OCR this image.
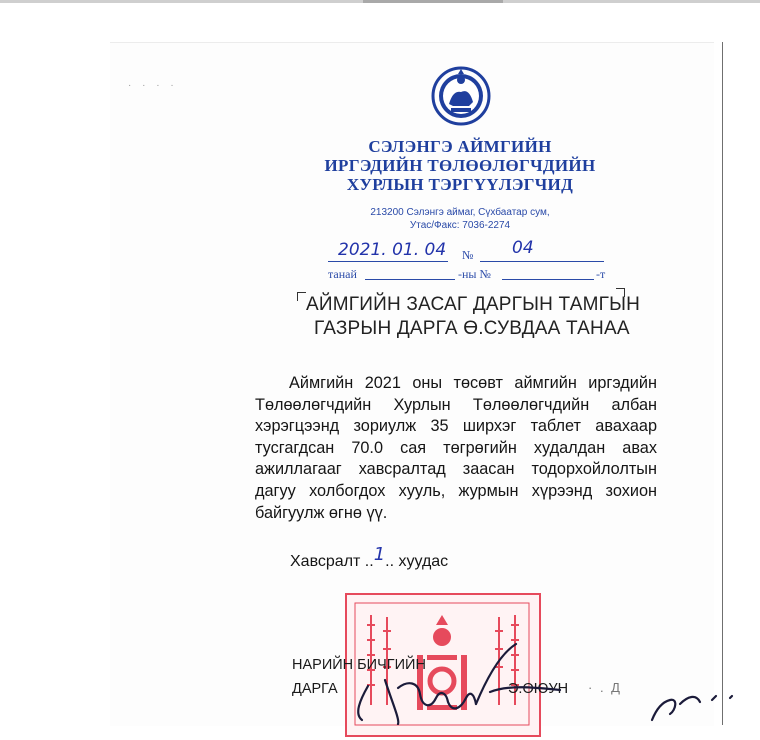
· · · ·
СЭЛЭНГЭ АЙМГИЙН
ИРГЭДИЙН ТӨЛӨӨЛӨГЧДИЙН
ХУРЛЫН ТЭРГҮҮЛЭГЧИД
213200 Сэлэнгэ аймаг, Сүхбаатар сум,
Утас/Факс: 7036-2274
2021. 01. 04 № 04
танай	-ны №	-т
АЙМГИЙН ЗАСАГ ДАРГЫН ТАМГЫН
ГАЗРЫН ДАРГА Ө.СУВДАА ТАНАА

Аймгийн 2021 оны төсөвт аймгийн иргэдийн Төлөөлөгчдийн Хурлын Төлөөлөгчдийн албан хэрэгцээнд зориулж 35 ширхэг таблет авахаар тусгагдсан 70.0 сая төгрөгийн худалдан авах ажиллагааг хавсралтад заасан тодорхойлолтын дагуу холбогдох хууль, журмын хүрээнд зохион байгуулж өгнө үү.

Хавсралт ..1.. хуудас
НАРИЙН БИЧГИЙН
ДАРГА	Э.ОЮУН · . Д
